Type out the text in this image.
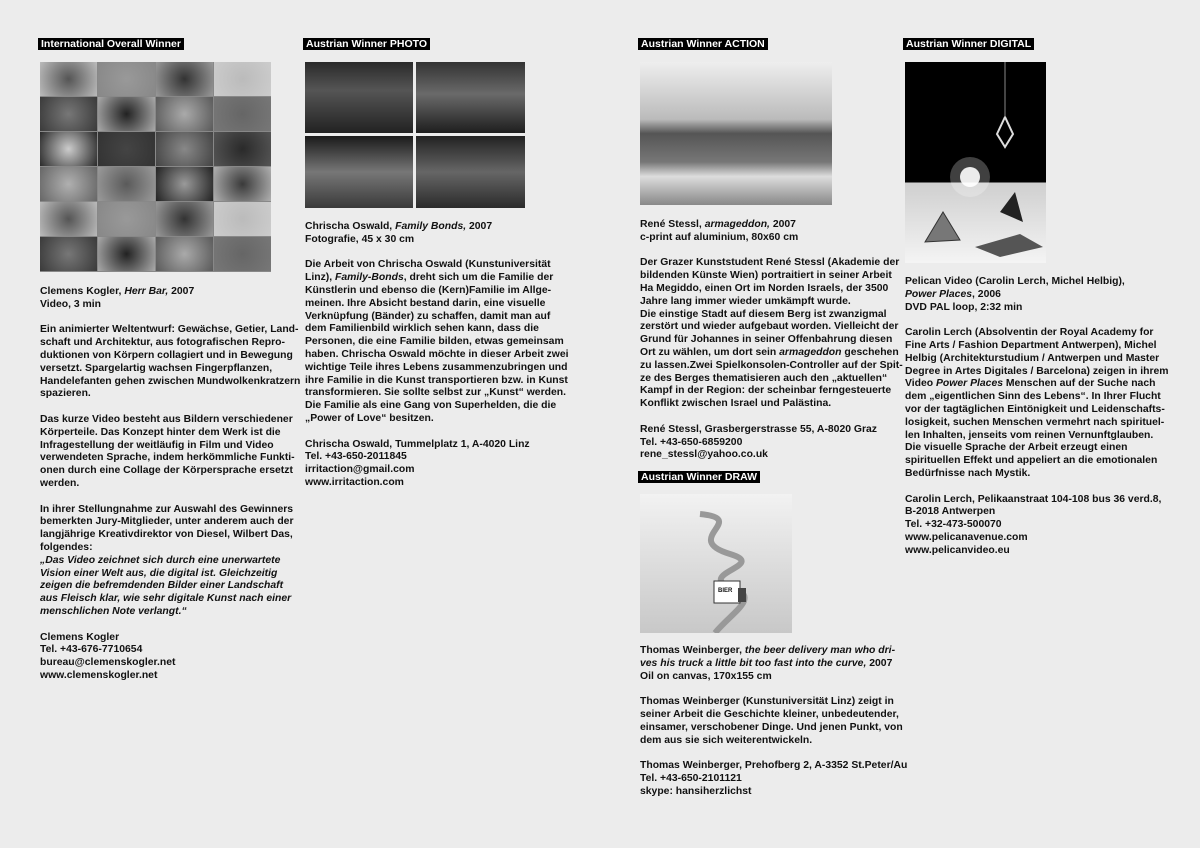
International Overall Winner	Austrian Winner PHOTO	Austrian Winner ACTION
Austrian Winner DRAW
Austrian Winner DIGITAL
BIER
Clemens Kogler, Herr Bar, 2007
Video, 3 min
Ein animierter Weltentwurf: Gewächse, Getier, Land-
schaft und Architektur, aus fotografischen Repro-
duktionen von Körpern collagiert und in Bewegung
versetzt. Spargelartig wachsen Fingerpflanzen,
Handelefanten gehen zwischen Mundwolkenkratzern
spazieren.
Das kurze Video besteht aus Bildern verschiedener
Körperteile. Das Konzept hinter dem Werk ist die
Infragestellung der weitläufig in Film und Video
verwendeten Sprache, indem herkömmliche Funkti-
onen durch eine Collage der Körpersprache ersetzt
werden.
In ihrer Stellungnahme zur Auswahl des Gewinners
bemerkten Jury-Mitglieder, unter anderem auch der
langjährige Kreativdirektor von Diesel, Wilbert Das,
folgendes:
„Das Video zeichnet sich durch eine unerwartete
Vision einer Welt aus, die digital ist. Gleichzeitig
zeigen die befremdenden Bilder einer Landschaft
aus Fleisch klar, wie sehr digitale Kunst nach einer
menschlichen Note verlangt.“
Clemens Kogler
Tel. +43-676-7710654
bureau@clemenskogler.net
www.clemenskogler.net
Chrischa Oswald, Family Bonds, 2007
Fotografie, 45 x 30 cm
Die Arbeit von Chrischa Oswald (Kunstuniversität
Linz), Family-Bonds, dreht sich um die Familie der
Künstlerin und ebenso die (Kern)Familie im Allge-
meinen. Ihre Absicht bestand darin, eine visuelle
Verknüpfung (Bänder) zu schaffen, damit man auf
dem Familienbild wirklich sehen kann, dass die
Personen, die eine Familie bilden, etwas gemeinsam
haben. Chrischa Oswald möchte in dieser Arbeit zwei
wichtige Teile ihres Lebens zusammenzubringen und
ihre Familie in die Kunst transportieren bzw. in Kunst
transformieren. Sie sollte selbst zur „Kunst“ werden.
Die Familie als eine Gang von Superhelden, die die
„Power of Love“ besitzen.
Chrischa Oswald, Tummelplatz 1, A-4020 Linz
Tel. +43-650-2011845
irritaction@gmail.com
www.irritaction.com
René Stessl, armageddon, 2007
c-print auf aluminium, 80x60 cm
Der Grazer Kunststudent René Stessl (Akademie der
bildenden Künste Wien) portraitiert in seiner Arbeit
Ha Megiddo, einen Ort im Norden Israels, der 3500
Jahre lang immer wieder umkämpft wurde.
Die einstige Stadt auf diesem Berg ist zwanzigmal
zerstört und wieder aufgebaut worden. Vielleicht der
Grund für Johannes in seiner Offenbahrung diesen
Ort zu wählen, um dort sein armageddon geschehen
zu lassen.Zwei Spielkonsolen-Controller auf der Spit-
ze des Berges thematisieren auch den „aktuellen“
Kampf in der Region: der scheinbar ferngesteuerte
Konflikt zwischen Israel und Palästina.
René Stessl, Grasbergerstrasse 55, A-8020 Graz
Tel. +43-650-6859200
rene_stessl@yahoo.co.uk
Thomas Weinberger, the beer delivery man who dri-
ves his truck a little bit too fast into the curve, 2007
Oil on canvas, 170x155 cm
Thomas Weinberger (Kunstuniversität Linz) zeigt in
seiner Arbeit die Geschichte kleiner, unbedeutender,
einsamer, verschobener Dinge. Und jenen Punkt, von
dem aus sie sich weiterentwickeln.
Thomas Weinberger, Prehofberg 2, A-3352 St.Peter/Au
Tel. +43-650-2101121
skype: hansiherzlichst
Pelican Video (Carolin Lerch, Michel Helbig),
Power Places, 2006
DVD PAL loop, 2:32 min
Carolin Lerch (Absolventin der Royal Academy for
Fine Arts / Fashion Department Antwerpen), Michel
Helbig (Architekturstudium / Antwerpen und Master
Degree in Artes Digitales / Barcelona) zeigen in ihrem
Video Power Places Menschen auf der Suche nach
dem „eigentlichen Sinn des Lebens“. In Ihrer Flucht
vor der tagtäglichen Eintönigkeit und Leidenschafts-
losigkeit, suchen Menschen vermehrt nach spirituel-
len Inhalten, jenseits vom reinen Vernunftglauben.
Die visuelle Sprache der Arbeit erzeugt einen
spirituellen Effekt und appeliert an die emotionalen
Bedürfnisse nach Mystik.
Carolin Lerch, Pelikaanstraat 104-108 bus 36 verd.8,
B-2018 Antwerpen
Tel. +32-473-500070
www.pelicanavenue.com
www.pelicanvideo.eu
